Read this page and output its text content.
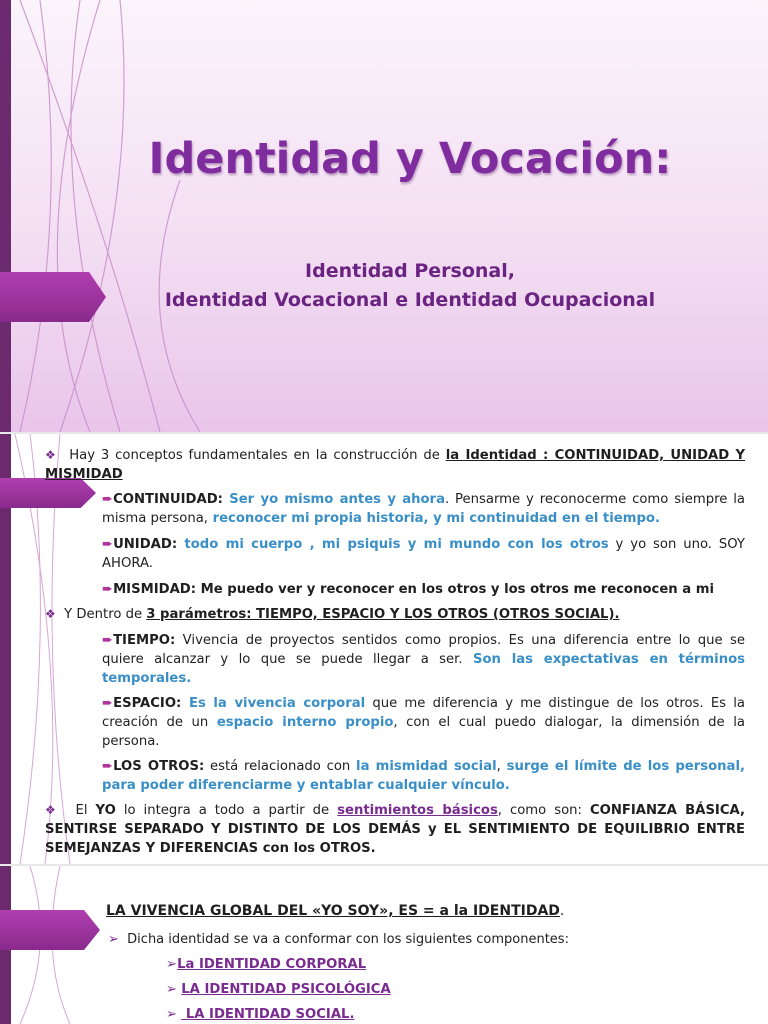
Identidad y Vocación:
Identidad Personal,
Identidad Vocacional e Identidad Ocupacional
❖ Hay 3 conceptos fundamentales en la construcción de la Identidad : CONTINUIDAD, UNIDAD Y MISMIDAD
➨CONTINUIDAD: Ser yo mismo antes y ahora. Pensarme y reconocerme como siempre la misma persona, reconocer mi propia historia, y mi continuidad en el tiempo.
➨UNIDAD: todo mi cuerpo , mi psiquis y mi mundo con los otros y yo son uno. SOY AHORA.
➨MISMIDAD: Me puedo ver y reconocer en los otros y los otros me reconocen a mi
❖ Y Dentro de 3 parámetros: TIEMPO, ESPACIO Y LOS OTROS (OTROS SOCIAL).
➨TIEMPO: Vivencia de proyectos sentidos como propios. Es una diferencia entre lo que se quiere alcanzar y lo que se puede llegar a ser. Son las expectativas en términos temporales.
➨ESPACIO: Es la vivencia corporal que me diferencia y me distingue de los otros. Es la creación de un espacio interno propio, con el cual puedo dialogar, la dimensión de la persona.
➨LOS OTROS: está relacionado con la mismidad social, surge el límite de los personal, para poder diferenciarme y entablar cualquier vínculo.
❖ El YO lo integra a todo a partir de sentimientos básicos, como son: CONFIANZA BÁSICA, SENTIRSE SEPARADO Y DISTINTO DE LOS DEMÁS y EL SENTIMIENTO DE EQUILIBRIO ENTRE SEMEJANZAS Y DIFERENCIAS con los OTROS.
LA VIVENCIA GLOBAL DEL «YO SOY», ES = a la IDENTIDAD.
➢ Dicha identidad se va a conformar con los siguientes componentes:
➢La IDENTIDAD CORPORAL
➢ LA IDENTIDAD PSICOLÓGICA
➢  LA IDENTIDAD SOCIAL.
